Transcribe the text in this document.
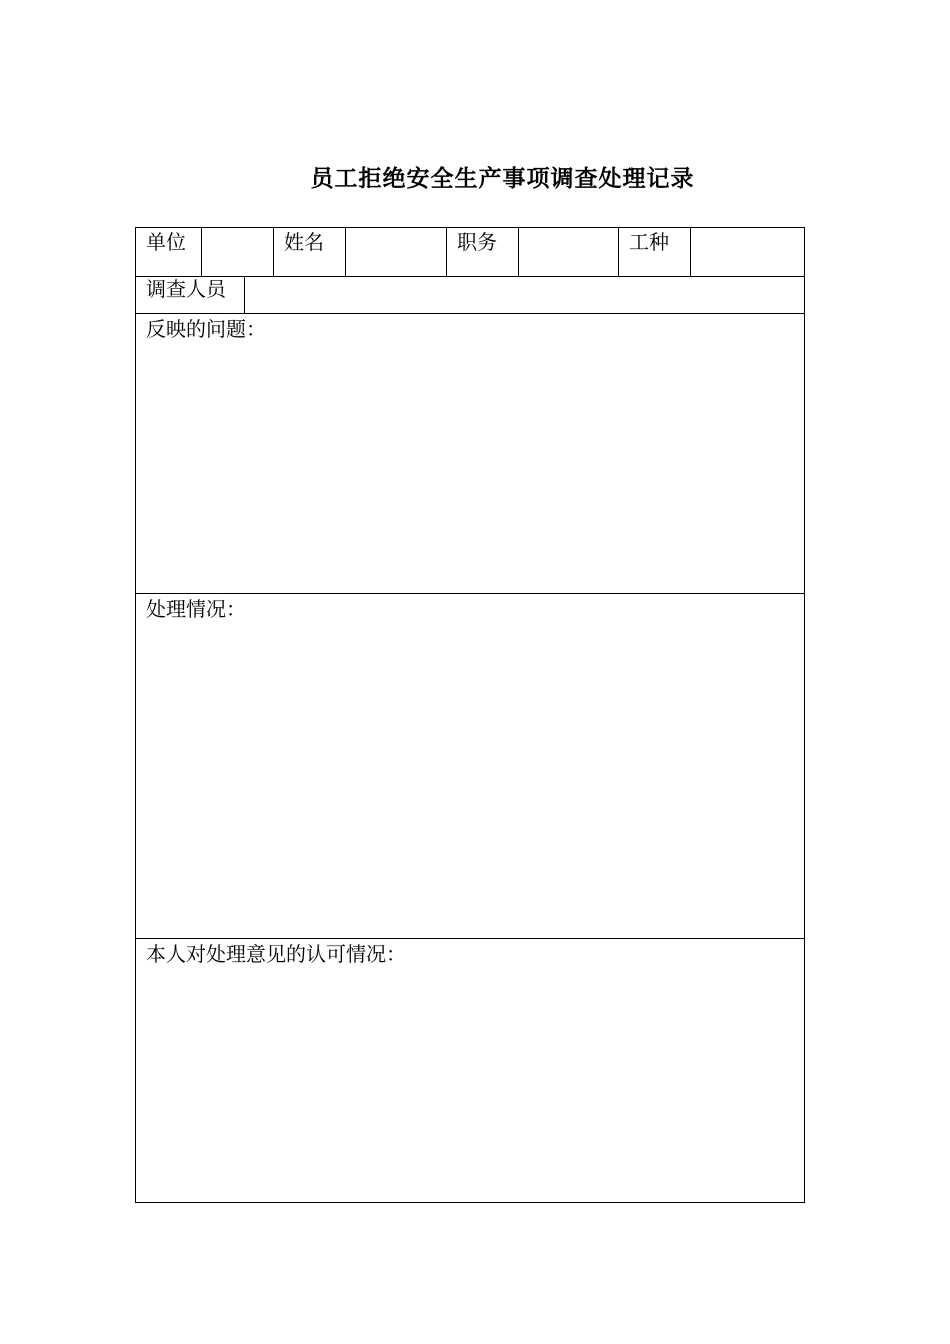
员工拒绝安全生产事项调查处理记录
单位	姓名	职务	工种
调查人员
反映的问题：
处理情况：
本人对处理意见的认可情况：
